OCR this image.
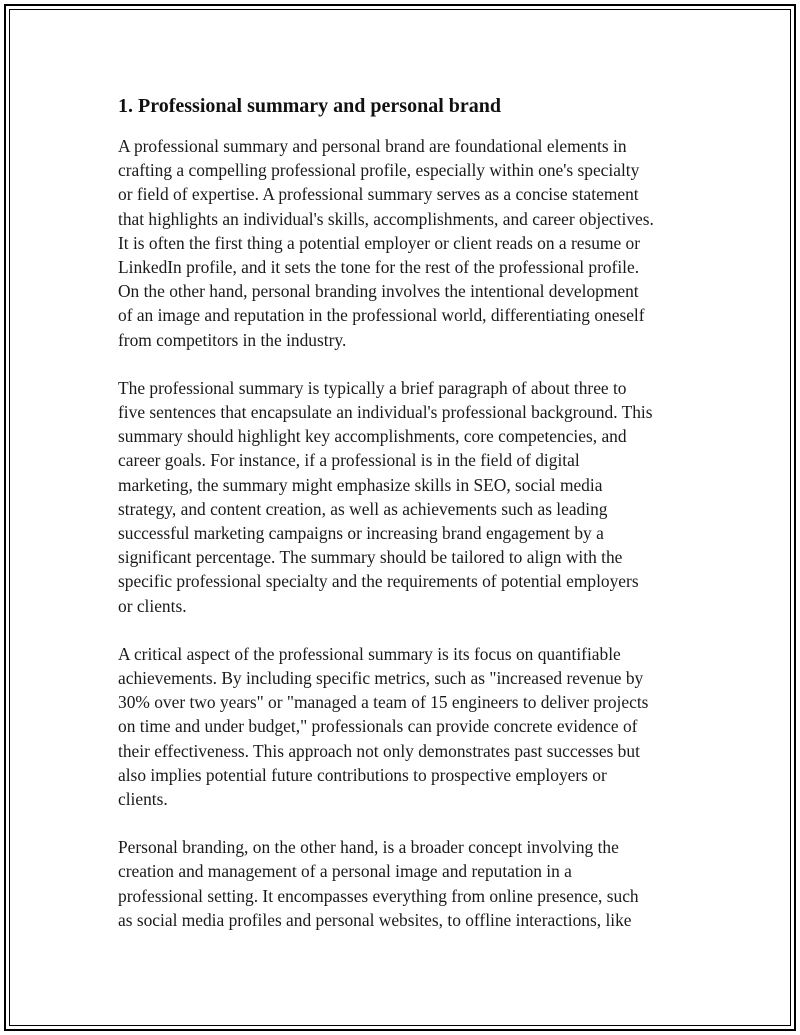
1. Professional summary and personal brand

A professional summary and personal brand are foundational elements in
crafting a compelling professional profile, especially within one's specialty
or field of expertise. A professional summary serves as a concise statement
that highlights an individual's skills, accomplishments, and career objectives.
It is often the first thing a potential employer or client reads on a resume or
LinkedIn profile, and it sets the tone for the rest of the professional profile.
On the other hand, personal branding involves the intentional development
of an image and reputation in the professional world, differentiating oneself
from competitors in the industry.

The professional summary is typically a brief paragraph of about three to
five sentences that encapsulate an individual's professional background. This
summary should highlight key accomplishments, core competencies, and
career goals. For instance, if a professional is in the field of digital
marketing, the summary might emphasize skills in SEO, social media
strategy, and content creation, as well as achievements such as leading
successful marketing campaigns or increasing brand engagement by a
significant percentage. The summary should be tailored to align with the
specific professional specialty and the requirements of potential employers
or clients.

A critical aspect of the professional summary is its focus on quantifiable
achievements. By including specific metrics, such as "increased revenue by
30% over two years" or "managed a team of 15 engineers to deliver projects
on time and under budget," professionals can provide concrete evidence of
their effectiveness. This approach not only demonstrates past successes but
also implies potential future contributions to prospective employers or
clients.

Personal branding, on the other hand, is a broader concept involving the
creation and management of a personal image and reputation in a
professional setting. It encompasses everything from online presence, such
as social media profiles and personal websites, to offline interactions, like
